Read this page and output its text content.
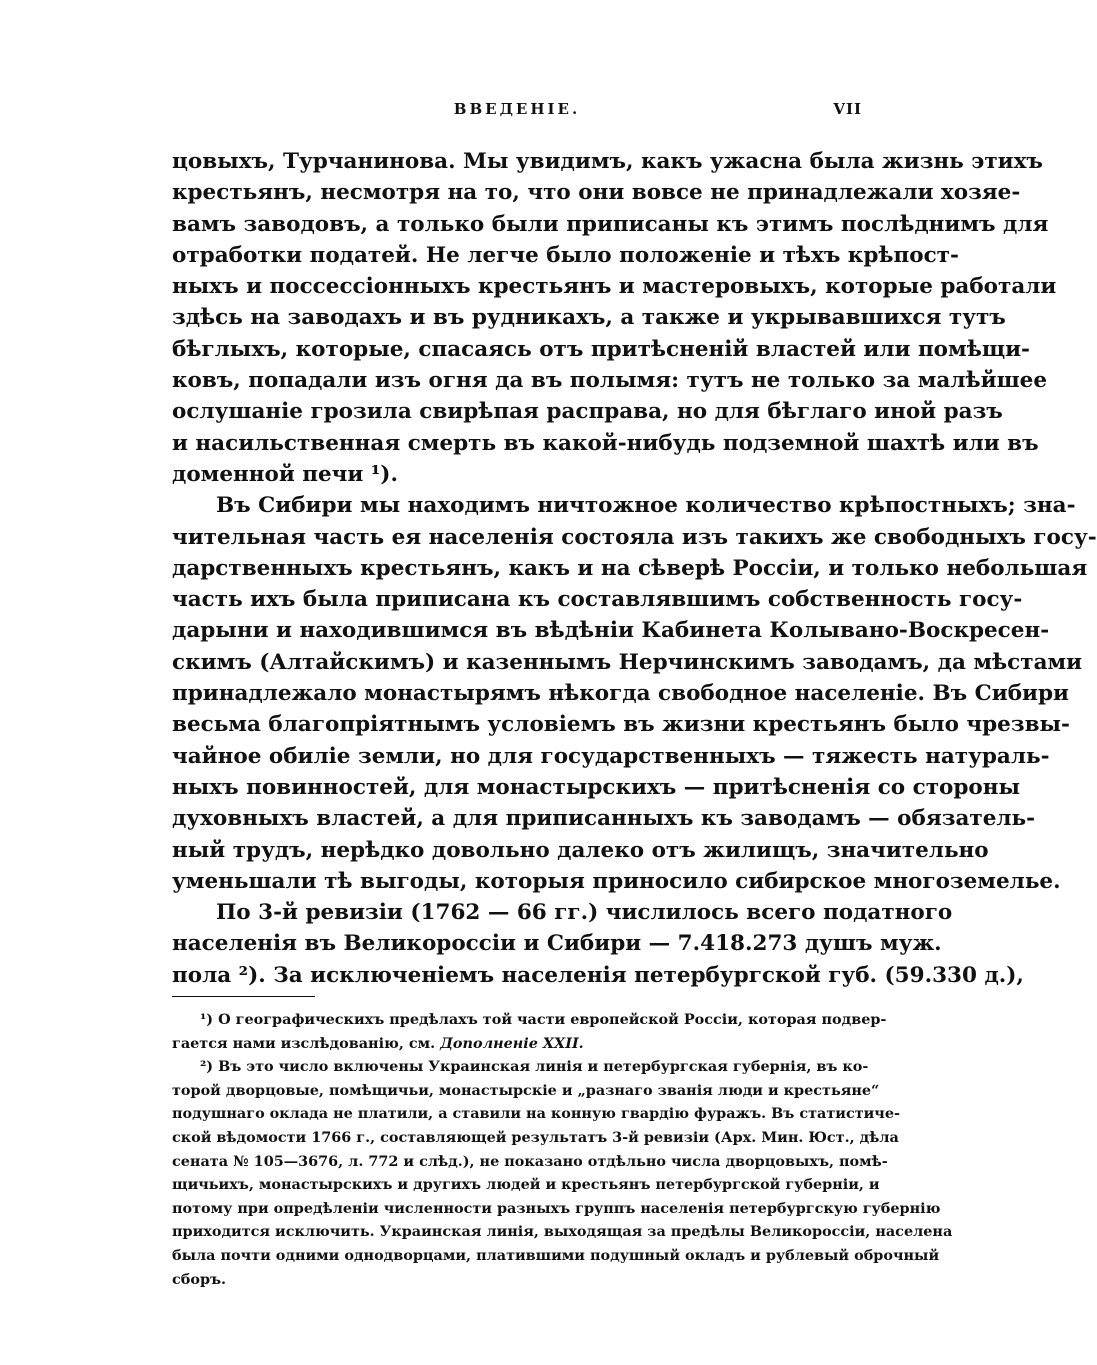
ВВЕДЕНІЕ.	VII
цовыхъ, Турчанинова. Мы увидимъ, какъ ужасна была жизнь этихъ
крестьянъ, несмотря на то, что они вовсе не принадлежали хозяе-
вамъ заводовъ, а только были приписаны къ этимъ послѣднимъ для
отработки податей. Не легче было положеніе и тѣхъ крѣпост-
ныхъ и поссессіонныхъ крестьянъ и мастеровыхъ, которые работали
здѣсь на заводахъ и въ рудникахъ, а также и укрывавшихся тутъ
бѣглыхъ, которые, спасаясь отъ притѣсненій властей или помѣщи-
ковъ, попадали изъ огня да въ полымя: тутъ не только за малѣйшее
ослушаніе грозила свирѣпая расправа, но для бѣглаго иной разъ
и насильственная смерть въ какой-нибудь подземной шахтѣ или въ
доменной печи ¹).
Въ Сибири мы находимъ ничтожное количество крѣпостныхъ; зна-
чительная часть ея населенія состояла изъ такихъ же свободныхъ госу-
дарственныхъ крестьянъ, какъ и на сѣверѣ Россіи, и только небольшая
часть ихъ была приписана къ составлявшимъ собственность госу-
дарыни и находившимся въ вѣдѣніи Кабинета Колывано-Воскресен-
скимъ (Алтайскимъ) и казеннымъ Нерчинскимъ заводамъ, да мѣстами
принадлежало монастырямъ нѣкогда свободное населеніе. Въ Сибири
весьма благопріятнымъ условіемъ въ жизни крестьянъ было чрезвы-
чайное обиліе земли, но для государственныхъ — тяжесть натураль-
ныхъ повинностей, для монастырскихъ — притѣсненія со стороны
духовныхъ властей, а для приписанныхъ къ заводамъ — обязатель-
ный трудъ, нерѣдко довольно далеко отъ жилищъ, значительно
уменьшали тѣ выгоды, которыя приносило сибирское многоземелье.
По 3-й ревизіи (1762 — 66 гг.) числилось всего податного
населенія въ Великороссіи и Сибири — 7.418.273 душъ муж.
пола ²). За исключеніемъ населенія петербургской губ. (59.330 д.),
¹) О географическихъ предѣлахъ той части европейской Россіи, которая подвер-
гается нами изслѣдованію, см. Дополненіе XXII.
²) Въ это число включены Украинская линія и петербургская губернія, въ ко-
торой дворцовые, помѣщичьи, монастырскіе и „разнаго званія люди и крестьяне“
подушнаго оклада не платили, а ставили на конную гвардію фуражъ. Въ статистиче-
ской вѣдомости 1766 г., составляющей результатъ 3-й ревизіи (Арх. Мин. Юст., дѣла
сената № 105—3676, л. 772 и слѣд.), не показано отдѣльно числа дворцовыхъ, помѣ-
щичьихъ, монастырскихъ и другихъ людей и крестьянъ петербургской губерніи, и
потому при опредѣленіи численности разныхъ группъ населенія петербургскую губернію
приходится исключить. Украинская линія, выходящая за предѣлы Великороссіи, населена
была почти одними однодворцами, платившими подушный окладъ и рублевый оброчный
сборъ.
